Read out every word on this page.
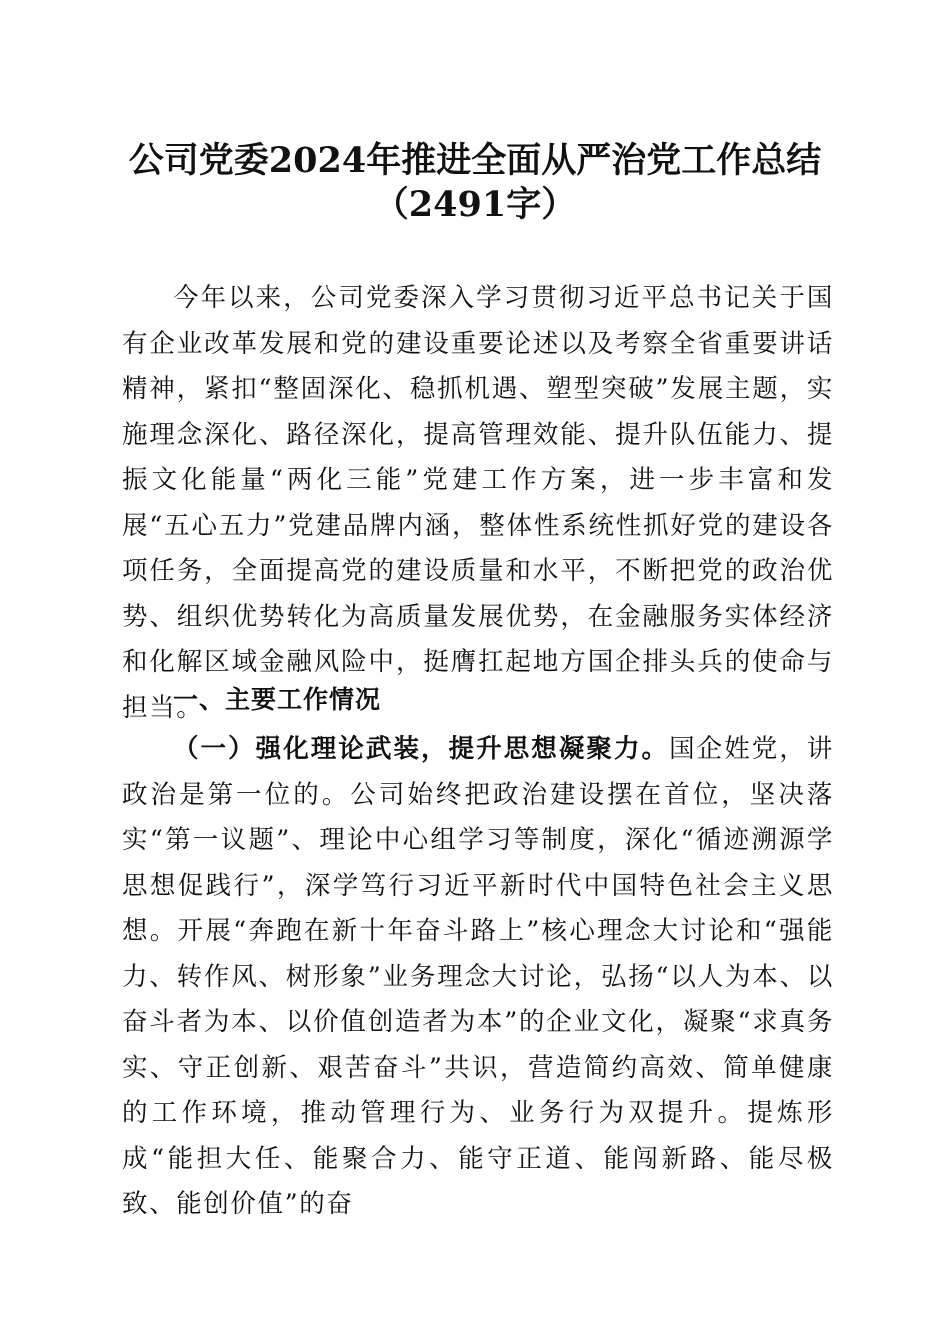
公司党委2024年推进全面从严治党工作总结
（2491字）

今年以来，公司党委深入学习贯彻习近平总书记关于国有企业改革发展和党的建设重要论述以及考察全省重要讲话精神，紧扣“整固深化、稳抓机遇、塑型突破”发展主题，实施理念深化、路径深化，提高管理效能、提升队伍能力、提振文化能量“两化三能”党建工作方案，进一步丰富和发展“五心五力”党建品牌内涵，整体性系统性抓好党的建设各项任务，全面提高党的建设质量和水平，不断把党的政治优势、组织优势转化为高质量发展优势，在金融服务实体经济和化解区域金融风险中，挺膺扛起地方国企排头兵的使命与担当。

一、主要工作情况

（一）强化理论武装，提升思想凝聚力。国企姓党，讲政治是第一位的。公司始终把政治建设摆在首位，坚决落实“第一议题”、理论中心组学习等制度，深化“循迹溯源学思想促践行”，深学笃行习近平新时代中国特色社会主义思想。开展“奔跑在新十年奋斗路上”核心理念大讨论和“强能力、转作风、树形象”业务理念大讨论，弘扬“以人为本、以奋斗者为本、以价值创造者为本”的企业文化，凝聚“求真务实、守正创新、艰苦奋斗”共识，营造简约高效、简单健康的工作环境，推动管理行为、业务行为双提升。提炼形成“能担大任、能聚合力、能守正道、能闯新路、能尽极致、能创价值”的奋
